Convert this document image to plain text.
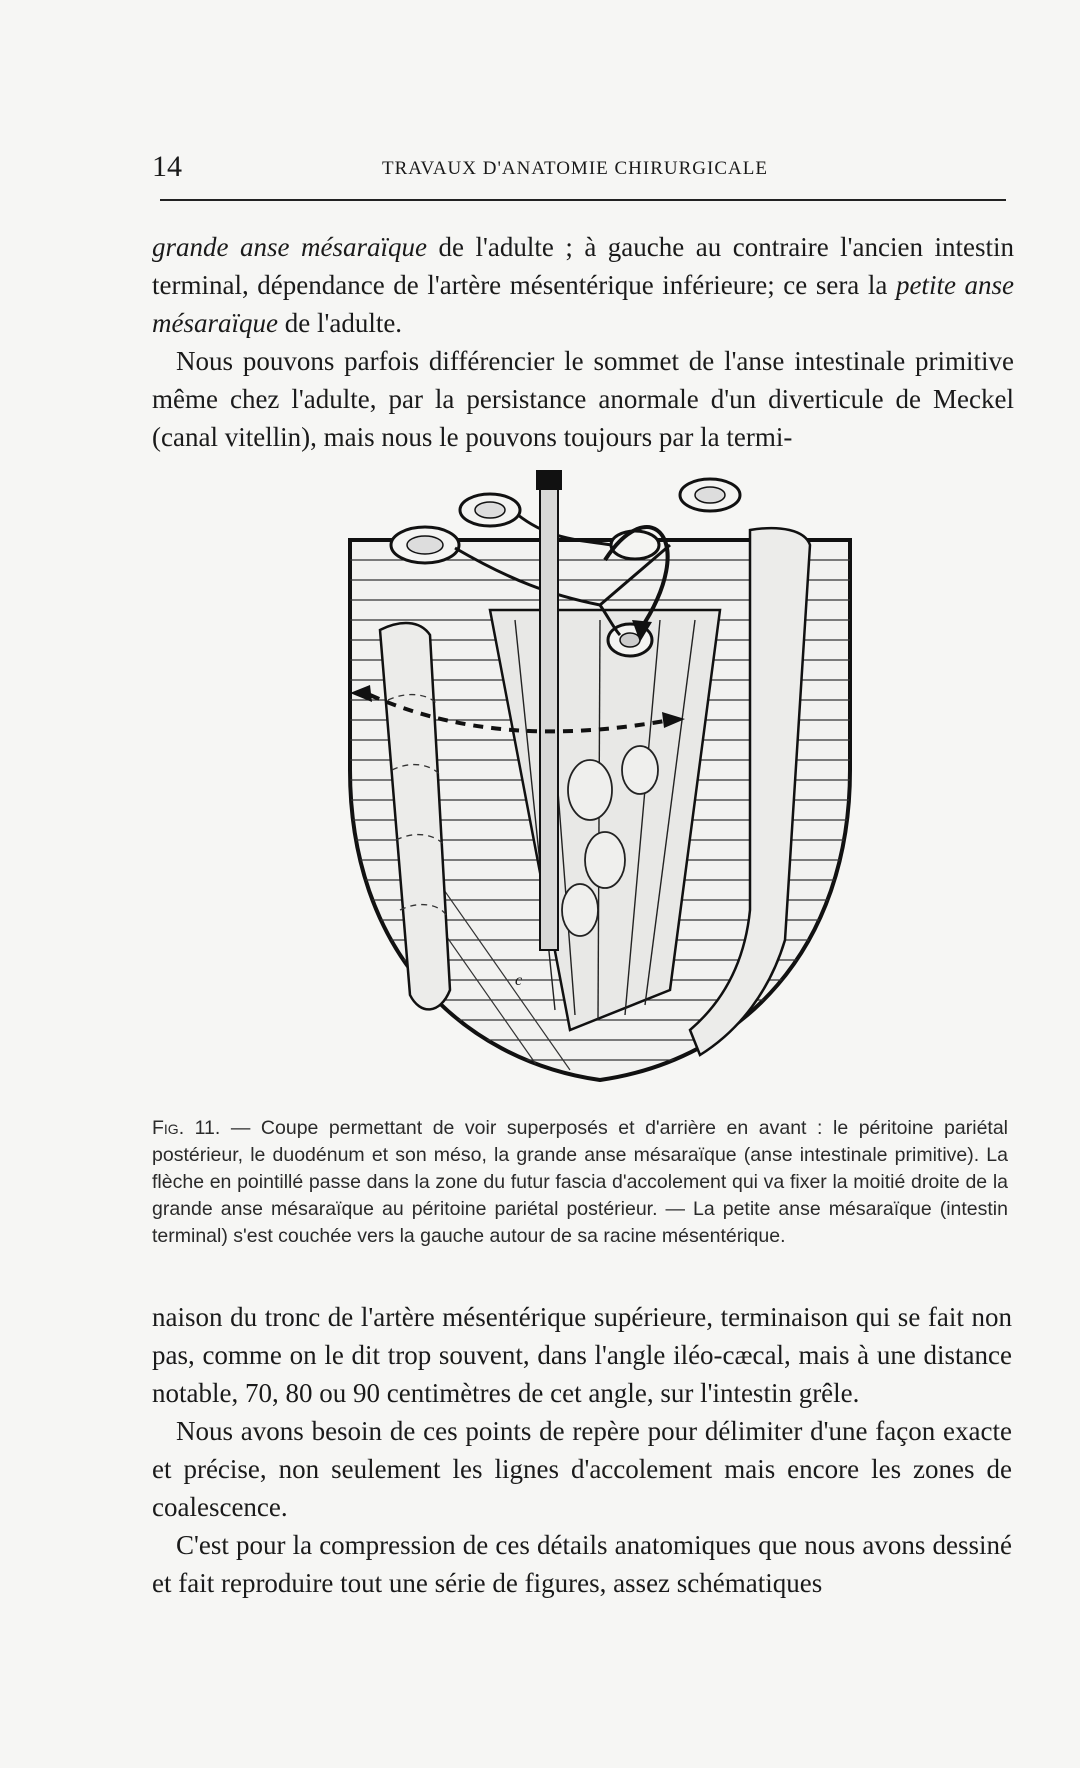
14	TRAVAUX D'ANATOMIE CHIRURGICALE

grande anse mésaraïque de l'adulte ; à gauche au contraire l'ancien intestin terminal, dépendance de l'artère mésentérique inférieure; ce sera la petite anse mésaraïque de l'adulte.

Nous pouvons parfois différencier le sommet de l'anse intestinale primitive même chez l'adulte, par la persistance anormale d'un diverticule de Meckel (canal vitellin), mais nous le pouvons toujours par la termi-

c
Fig. 11. — Coupe permettant de voir superposés et d'arrière en avant : le péritoine pariétal postérieur, le duodénum et son méso, la grande anse mésaraïque (anse intestinale primitive). La flèche en pointillé passe dans la zone du futur fascia d'accolement qui va fixer la moitié droite de la grande anse mésaraïque au péritoine pariétal postérieur. — La petite anse mésaraïque (intestin terminal) s'est couchée vers la gauche autour de sa racine mésentérique.

naison du tronc de l'artère mésentérique supérieure, terminaison qui se fait non pas, comme on le dit trop souvent, dans l'angle iléo-cæcal, mais à une distance notable, 70, 80 ou 90 centimètres de cet angle, sur l'intestin grêle.

Nous avons besoin de ces points de repère pour délimiter d'une façon exacte et précise, non seulement les lignes d'accolement mais encore les zones de coalescence.

C'est pour la compression de ces détails anatomiques que nous avons dessiné et fait reproduire tout une série de figures, assez schématiques
